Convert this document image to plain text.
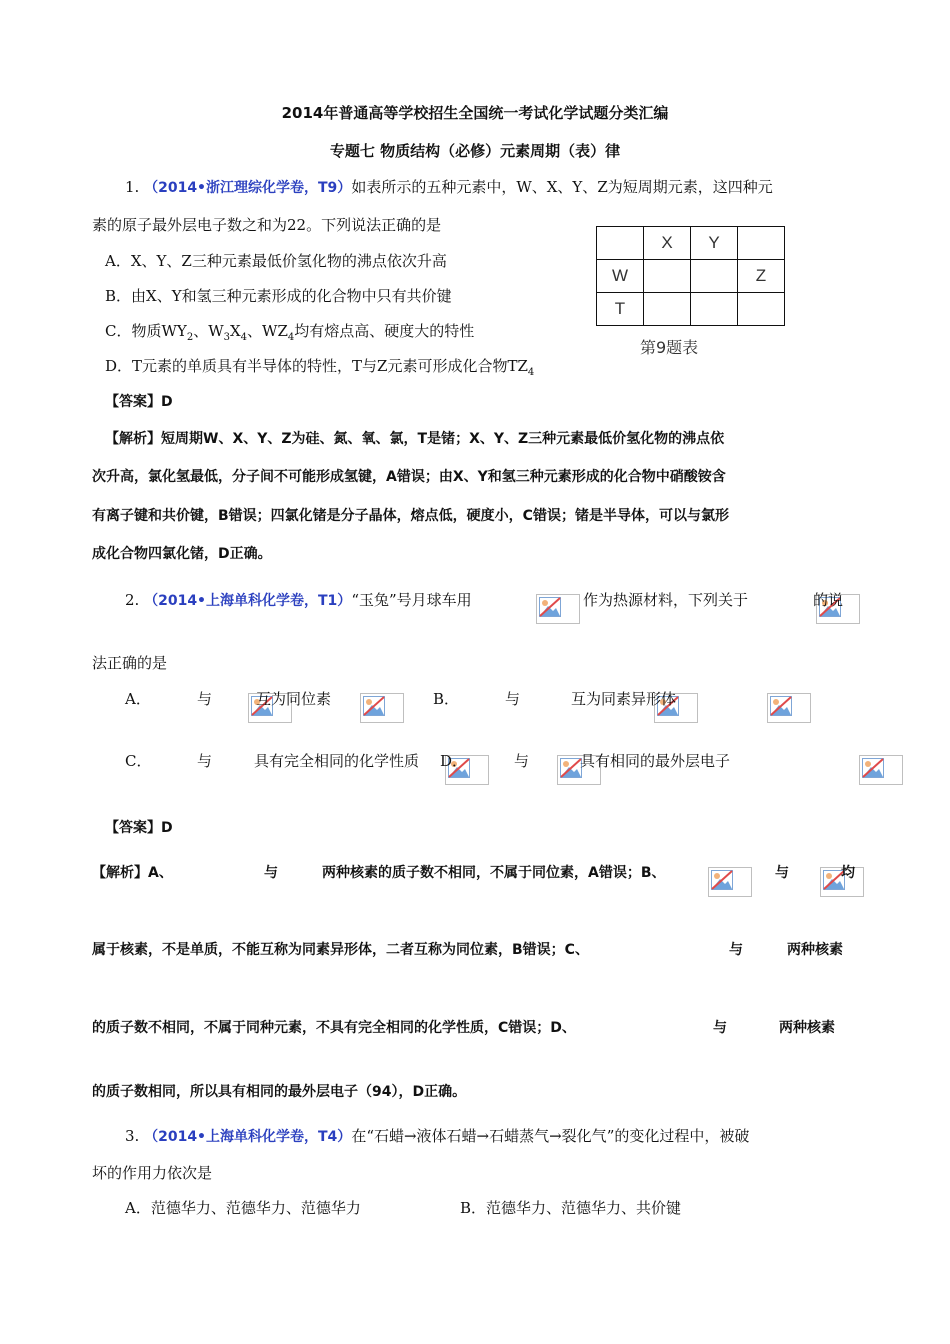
2014年普通高等学校招生全国统一考试化学试题分类汇编
专题七 物质结构（必修）元素周期（表）律
1. （2014•浙江理综化学卷，T9）如表所示的五种元素中，W、X、Y、Z为短周期元素，这四种元
素的原子最外层电子数之和为22。下列说法正确的是
A．X、Y、Z三种元素最低价氢化物的沸点依次升高
B．由X、Y和氢三种元素形成的化合物中只有共价键
C．物质$WY_2$、$W_3X_4$、$WZ_4$均有熔点高、硬度大的特性
D．T元素的单质具有半导体的特性，T与Z元素可形成化合物$TZ_4$
	X	Y	
W			Z
T			
第9题表
【答案】D
【解析】短周期W、X、Y、Z为硅、氮、氧、氯，T是锗；X、Y、Z三种元素最低价氢化物的沸点依
次升高，氯化氢最低，分子间不可能形成氢键，A错误；由X、Y和氢三种元素形成的化合物中硝酸铵含
有离子键和共价键，B错误；四氯化锗是分子晶体，熔点低，硬度小，C错误；锗是半导体，可以与氯形
成化合物四氯化锗，D正确。
2. （2014•上海单科化学卷，T1）“玉兔”号月球车用
	作为热源材料，下列关于
	的说
法正确的是
A．
	与
	互为同位素	B．
	与
	互为同素异形体
C．
	与
	具有完全相同的化学性质 D．
	与
	具有相同的最外层电子
【答案】D
【解析】A、
	与
	两种核素的质子数不相同，不属于同位素，A错误；B、
	与
	均
属于核素，不是单质，不能互称为同素异形体，二者互称为同位素，B错误；C、
	与
	两种核素
的质子数不相同，不属于同种元素，不具有完全相同的化学性质，C错误；D、
	与	两种核素
的质子数相同，所以具有相同的最外层电子（94），D正确。
3. （2014•上海单科化学卷，T4）在“石蜡→液体石蜡→石蜡蒸气→裂化气”的变化过程中，被破
坏的作用力依次是
A．范德华力、范德华力、范德华力	B．范德华力、范德华力、共价键
